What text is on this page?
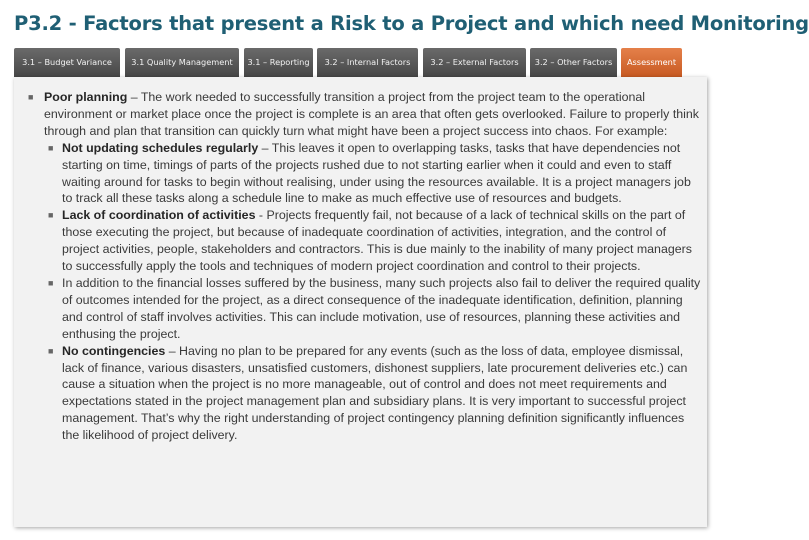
P3.2 - Factors that present a Risk to a Project and which need Monitoring
3.1 – Budget Variance	3.1 Quality Management	3.1 – Reporting	3.2 – Internal Factors	3.2 – External Factors	3.2 – Other Factors	Assessment

■ Poor planning – The work needed to successfully transition a project from the project team to the operational environment or market place once the project is complete is an area that often gets overlooked. Failure to properly think through and plan that transition can quickly turn what might have been a project success into chaos. For example:

■ Not updating schedules regularly – This leaves it open to overlapping tasks, tasks that have dependencies not starting on time, timings of parts of the projects rushed due to not starting earlier when it could and even to staff waiting around for tasks to begin without realising, under using the resources available. It is a project managers job to track all these tasks along a schedule line to make as much effective use of resources and budgets.

■ Lack of coordination of activities - Projects frequently fail, not because of a lack of technical skills on the part of those executing the project, but because of inadequate coordination of activities, integration, and the control of project activities, people, stakeholders and contractors. This is due mainly to the inability of many project managers to successfully apply the tools and techniques of modern project coordination and control to their projects.

■ In addition to the financial losses suffered by the business, many such projects also fail to deliver the required quality of outcomes intended for the project, as a direct consequence of the inadequate identification, definition, planning and control of staff involves activities. This can include motivation, use of resources, planning these activities and enthusing the project.

■ No contingencies – Having no plan to be prepared for any events (such as the loss of data, employee dismissal, lack of finance, various disasters, unsatisfied customers, dishonest suppliers, late procurement deliveries etc.) can cause a situation when the project is no more manageable, out of control and does not meet requirements and expectations stated in the project management plan and subsidiary plans. It is very important to successful project management. That’s why the right understanding of project contingency planning definition significantly influences the likelihood of project delivery.
